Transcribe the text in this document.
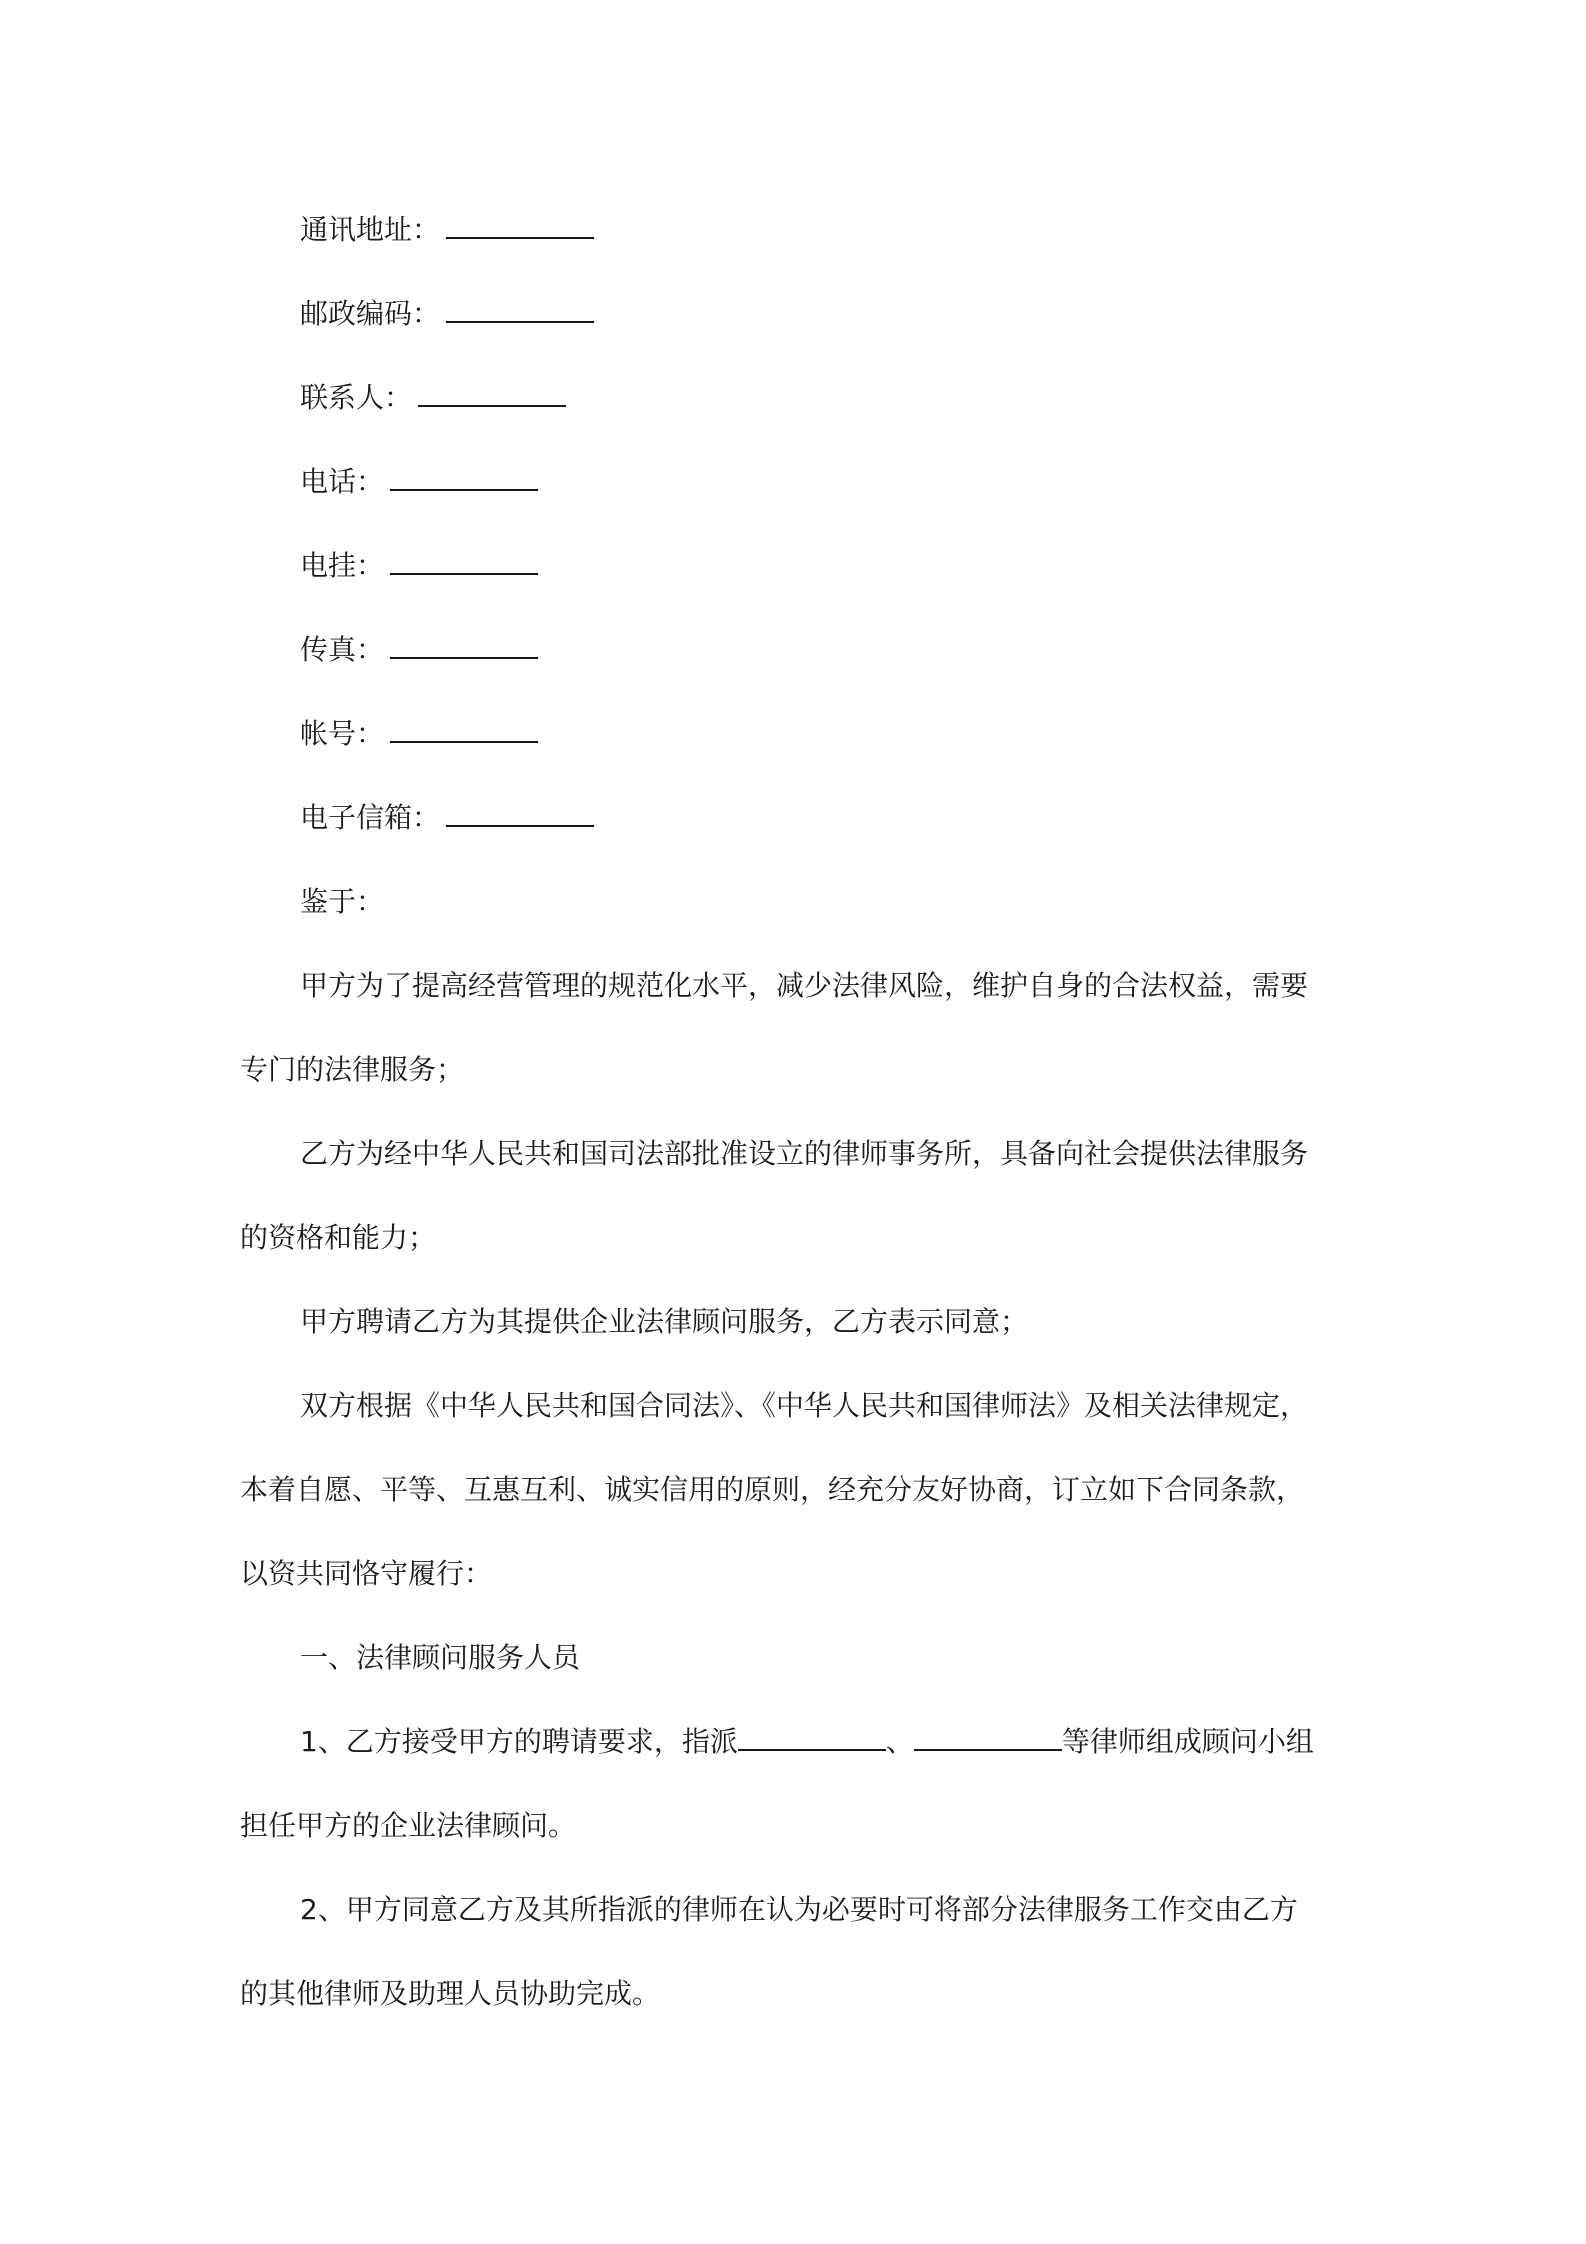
通讯地址：
邮政编码：
联系人：
电话：
电挂：
传真：
帐号：
电子信箱：
鉴于：
甲方为了提高经营管理的规范化水平，减少法律风险，维护自身的合法权益，需要
专门的法律服务；
乙方为经中华人民共和国司法部批准设立的律师事务所，具备向社会提供法律服务
的资格和能力；
甲方聘请乙方为其提供企业法律顾问服务，乙方表示同意；
双方根据《中华人民共和国合同法》、《中华人民共和国律师法》及相关法律规定，
本着自愿、平等、互惠互利、诚实信用的原则，经充分友好协商，订立如下合同条款，
以资共同恪守履行：
一、法律顾问服务人员
1、乙方接受甲方的聘请要求，指派	、	等律师组成顾问小组
担任甲方的企业法律顾问。
2、甲方同意乙方及其所指派的律师在认为必要时可将部分法律服务工作交由乙方
的其他律师及助理人员协助完成。
